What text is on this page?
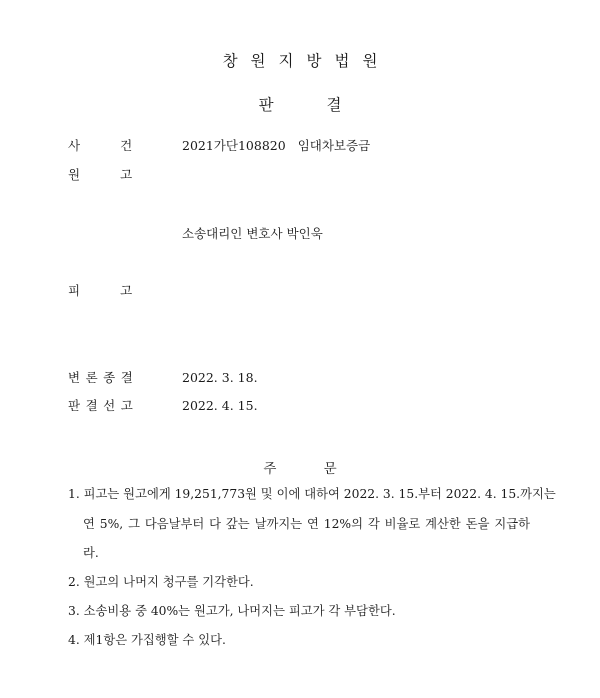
창원지방법원
판 결
사건 2021가단108820 임대차보증금
원고
소송대리인 변호사 박인욱
피고
변론종결	2022. 3. 18.
판결선고	2022. 4. 15.
주 문
1. 피고는 원고에게 19,251,773원 및 이에 대하여 2022. 3. 15.부터 2022. 4. 15.까지는
연 5%, 그 다음날부터 다 갚는 날까지는 연 12%의 각 비율로 계산한 돈을 지급하
라.
2. 원고의 나머지 청구를 기각한다.
3. 소송비용 중 40%는 원고가, 나머지는 피고가 각 부담한다.
4. 제1항은 가집행할 수 있다.
